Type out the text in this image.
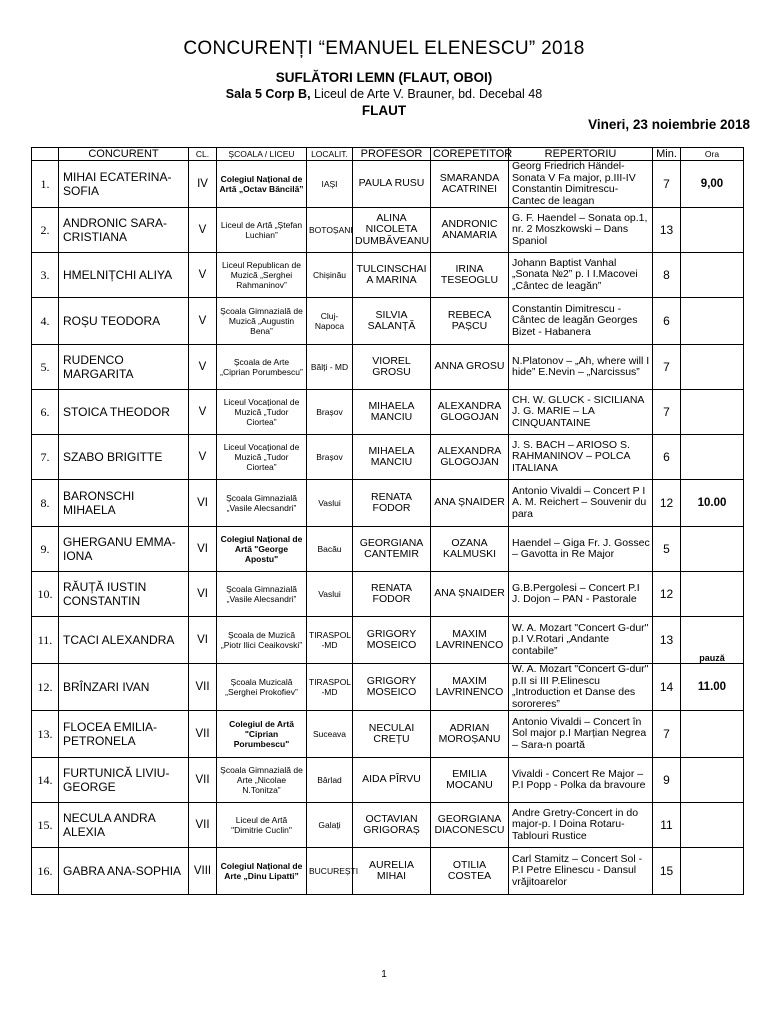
CONCURENȚI “EMANUEL ELENESCU” 2018
SUFLĂTORI LEMN (FLAUT, OBOI)
Sala 5 Corp B, Liceul de Arte V. Brauner, bd. Decebal 48
FLAUT
Vineri, 23 noiembrie 2018
	CONCURENT	CL.	ȘCOALA / LICEU	LOCALIT.	PROFESOR	COREPETITOR	REPERTORIU	Min.	Ora
1.	MIHAI ECATERINA-SOFIA	IV	Colegiul Național de Artă „Octav Băncilă”	IAȘI	PAULA RUSU	SMARANDA ACATRINEI	Georg Friedrich Händel- Sonata V Fa major, p.III-IV Constantin Dimitrescu- Cantec de leagan	7	9,00
2.	ANDRONIC SARA-CRISTIANA	V	Liceul de Artă „Ștefan Luchian”	BOTOȘANI	ALINA NICOLETA DUMBĂVEANU	ANDRONIC ANAMARIA	G. F. Haendel – Sonata op.1, nr. 2 Moszkowski – Dans Spaniol	13	
3.	HMELNIȚCHI ALIYA	V	Liceul Republican de Muzică „Serghei Rahmaninov”	Chișinău	TULCINSCHAI A MARINA	IRINA TESEOGLU	Johann Baptist Vanhal „Sonata №2” p. I I.Macovei „Cântec de leagăn”	8	
4.	ROȘU TEODORA	V	Școala Gimnazială de Muzică „Augustin Bena”	Cluj-Napoca	SILVIA SALANȚĂ	REBECA PAȘCU	Constantin Dimitrescu - Cântec de leagăn Georges Bizet - Habanera	6	
5.	RUDENCO MARGARITA	V	Școala de Arte „Ciprian Porumbescu”	Bălți - MD	VIOREL GROSU	ANNA GROSU	N.Platonov – „Ah, where will I hide” E.Nevin – „Narcissus”	7	
6.	STOICA THEODOR	V	Liceul Vocațional de Muzică „Tudor Ciortea”	Brașov	MIHAELA MANCIU	ALEXANDRA GLOGOJAN	CH. W. GLUCK - SICILIANA J. G. MARIE – LA CINQUANTAINE	7	
7.	SZABO BRIGITTE	V	Liceul Vocațional de Muzică „Tudor Ciortea”	Brașov	MIHAELA MANCIU	ALEXANDRA GLOGOJAN	J. S. BACH – ARIOSO S. RAHMANINOV – POLCA ITALIANA	6	
8.	BARONSCHI MIHAELA	VI	Școala Gimnazială „Vasile Alecsandri”	Vaslui	RENATA FODOR	ANA ȘNAIDER	Antonio Vivaldi – Concert P I A. M. Reichert – Souvenir du para	12	10.00
9.	GHERGANU EMMA-IONA	VI	Colegiul Național de Artă "George Apostu"	Bacău	GEORGIANA CANTEMIR	OZANA KALMUSKI	Haendel – Giga Fr. J. Gossec – Gavotta in Re Major	5	
10.	RĂUȚĂ IUSTIN CONSTANTIN	VI	Școala Gimnazială „Vasile Alecsandri”	Vaslui	RENATA FODOR	ANA ȘNAIDER	G.B.Pergolesi – Concert P.I J. Dojon – PAN - Pastorale	12	
11.	TCACI ALEXANDRA	VI	Școala de Muzică „Piotr Ilici Ceaikovski”	TIRASPOL -MD	GRIGORY MOSEICO	MAXIM LAVRINENCO	W. A. Mozart "Concert G-dur" p.I V.Rotari „Andante contabile”	13	pauză
12.	BRÎNZARI IVAN	VII	Școala Muzicală „Serghei Prokofiev”	TIRASPOL -MD	GRIGORY MOSEICO	MAXIM LAVRINENCO	W. A. Mozart "Concert G-dur" p.II si III P.Elinescu „Introduction et Danse des sororeres”	14	11.00
13.	FLOCEA EMILIA-PETRONELA	VII	Colegiul de Artă "Ciprian Porumbescu"	Suceava	NECULAI CREȚU	ADRIAN MOROȘANU	Antonio Vivaldi – Concert în Sol major p.I Marțian Negrea – Sara-n poartă	7	
14.	FURTUNICĂ LIVIU-GEORGE	VII	Școala Gimnazială de Arte „Nicolae N.Tonitza”	Bârlad	AIDA PÎRVU	EMILIA MOCANU	Vivaldi - Concert Re Major – P.I Popp - Polka da bravoure	9	
15.	NECULA ANDRA ALEXIA	VII	Liceul de Artă "Dimitrie Cuclin"	Galați	OCTAVIAN GRIGORAȘ	GEORGIANA DIACONESCU	Andre Gretry-Concert in do major-p. I Doina Rotaru-Tablouri Rustice	11	
16.	GABRA ANA-SOPHIA	VIII	Colegiul Național de Arte „Dinu Lipatti”	BUCUREȘTI	AURELIA MIHAI	OTILIA COSTEA	Carl Stamitz – Concert Sol - P.I Petre Elinescu - Dansul vrăjitoarelor	15	
1
